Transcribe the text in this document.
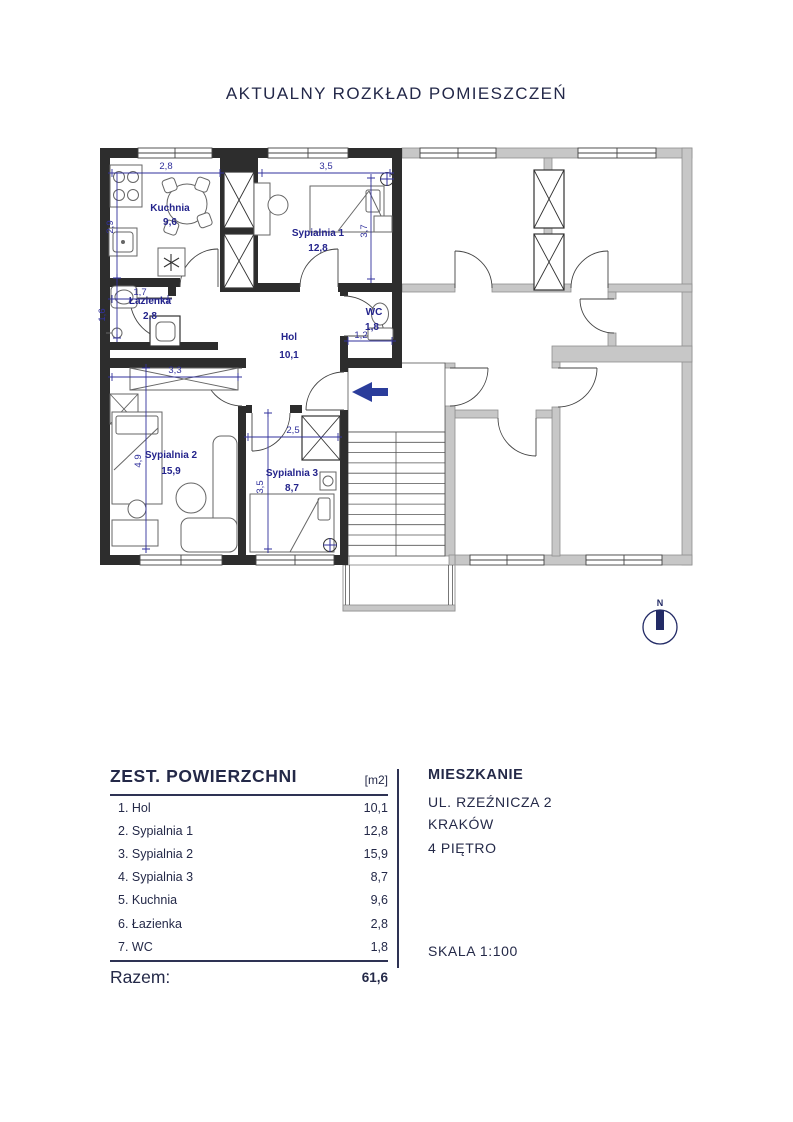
AKTUALNY ROZKŁAD POMIESZCZEŃ
2,8
2,9
3,5
3,7
1,7
1,6
1,2
3,3
4,9
2,5
3,5
Kuchnia
9,6
Sypialnia 1
12,8
Łazienka
2,8	WC
1,8
Hol
10,1
Sypialnia 2
15,9	Sypialnia 3
8,7
N
ZEST. POWIERZCHNI	[m2]
1. Hol	10,1
2. Sypialnia 1	12,8
3. Sypialnia 2	15,9
4. Sypialnia 3	8,7
5. Kuchnia	9,6
6. Łazienka	2,8
7. WC	1,8
Razem:	61,6
MIESZKANIE
UL. RZEŹNICZA 2
KRAKÓW
4 PIĘTRO
SKALA 1:100
